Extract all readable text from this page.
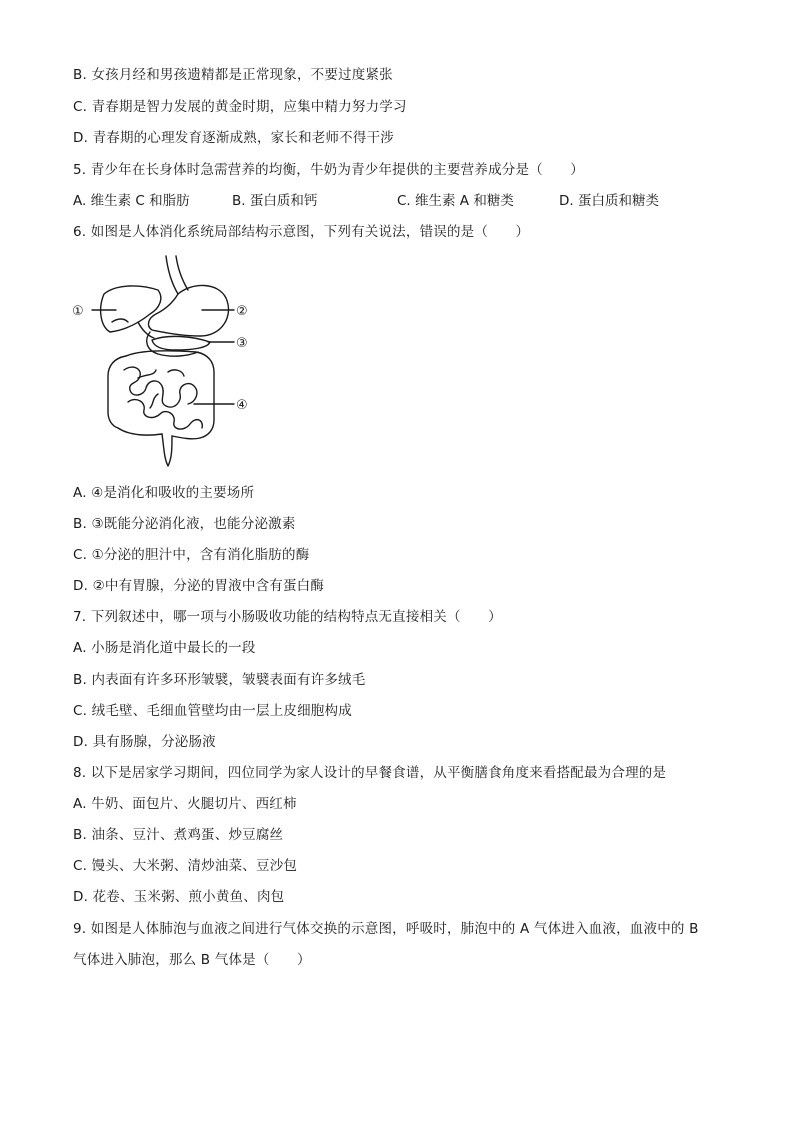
B. 女孩月经和男孩遗精都是正常现象，不要过度紧张
C. 青春期是智力发展的黄金时期，应集中精力努力学习
D. 青春期的心理发育逐渐成熟，家长和老师不得干涉
5. 青少年在长身体时急需营养的均衡，牛奶为青少年提供的主要营养成分是（　　）
A. 维生素 C 和脂肪	B. 蛋白质和钙	C. 维生素 A 和糖类	D. 蛋白质和糖类
6. 如图是人体消化系统局部结构示意图，下列有关说法，错误的是（　　）
①	②
③
④
A. ④是消化和吸收的主要场所
B. ③既能分泌消化液，也能分泌激素
C. ①分泌的胆汁中，含有消化脂肪的酶
D. ②中有胃腺，分泌的胃液中含有蛋白酶
7. 下列叙述中，哪一项与小肠吸收功能的结构特点无直接相关（　　）
A. 小肠是消化道中最长的一段
B. 内表面有许多环形皱襞，皱襞表面有许多绒毛
C. 绒毛壁、毛细血管壁均由一层上皮细胞构成
D. 具有肠腺，分泌肠液
8. 以下是居家学习期间，四位同学为家人设计的早餐食谱，从平衡膳食角度来看搭配最为合理的是
A. 牛奶、面包片、火腿切片、西红柿
B. 油条、豆汁、煮鸡蛋、炒豆腐丝
C. 馒头、大米粥、清炒油菜、豆沙包
D. 花卷、玉米粥、煎小黄鱼、肉包
9. 如图是人体肺泡与血液之间进行气体交换的示意图，呼吸时，肺泡中的 A 气体进入血液，血液中的 B
气体进入肺泡，那么 B 气体是（　　）
